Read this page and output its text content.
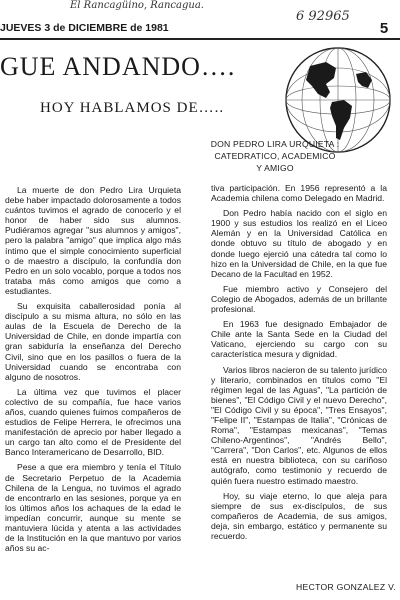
El Rancagüino, Rancagua.
6 92965
JUEVES 3 de DICIEMBRE de 1981	5
GUE ANDANDO….
HOY HABLAMOS DE…..
DON PEDRO LIRA URQUIETA :
CATEDRATICO, ACADEMICO
Y AMIGO

La muerte de don Pedro Lira Urquieta debe haber impactado dolorosamente a todos cuántos tuvimos el agrado de conocerlo y el honor de haber sido sus alumnos. Pudiéramos agregar "sus alumnos y amigos", pero la palabra "amigo" que implica algo más íntimo que el simple conocimiento superficial o de maestro a discípulo, la confundía don Pedro en un solo vocablo, porque a todos nos trataba más como amigos que como a estudiantes.

Su exquisita caballerosidad ponía al discípulo a su misma altura, no sólo en las aulas de la Escuela de Derecho de la Universidad de Chile, en donde impartía con gran sabiduría la enseñanza del Derecho Civil, sino que en los pasillos o fuera de la Universidad cuando se encontraba con alguno de nosotros.

La última vez que tuvimos el placer colectivo de su compañía, fue hace varios años, cuando quienes fuimos compañeros de estudios de Felipe Herrera, le ofrecimos una manifestación de aprecio por haber llegado a un cargo tan alto como el de Presidente del Banco Interamericano de Desarrollo, BID.

Pese a que era miembro y tenía el Título de Secretario Perpetuo de la Academia Chilena de la Lengua, no tuvimos el agrado de encontrarlo en las sesiones, porque ya en los últimos años los achaques de la edad le impedían concurrir, aunque su mente se mantuviera lúcida y atenta a las actividades de la Institución en la que mantuvo por varios años su ac-

tiva participación. En 1956 representó a la Academia chilena como Delegado en Madrid.

Don Pedro había nacido con el siglo en 1900 y sus estudios los realizó en el Liceo Alemán y en la Universidad Católica en donde obtuvo su título de abogado y en donde luego ejerció una cátedra tal como lo hizo en la Universidad de Chile, en la que fue Decano de la Facultad en 1952.

Fue miembro activo y Consejero del Colegio de Abogados, además de un brillante profesional.

En 1963 fue designado Embajador de Chile ante la Santa Sede en la Ciudad del Vaticano, ejerciendo su cargo con su característica mesura y dignidad.

Varios libros nacieron de su talento jurídico y literario, combinados en títulos como "El régimen legal de las Aguas", "La partición de bienes", "El Código Civil y el nuevo Derecho", "El Código Civil y su época", "Tres Ensayos", "Felipe II", "Estampas de Italia", "Crónicas de Roma", "Estampas mexicanas", "Temas Chileno-Argentinos", "Andrés Bello", "Carrera", "Don Carlos", etc. Algunos de ellos está en nuestra biblioteca, con su cariñoso autógrafo, como testimonio y recuerdo de quién fuera nuestro estimado maestro.

Hoy, su viaje eterno, lo que aleja para siempre de sus ex-discípulos, de sus compañeros de Academia, de sus amigos, deja, sin embargo, estático y permanente su recuerdo.

HECTOR GONZALEZ V.
